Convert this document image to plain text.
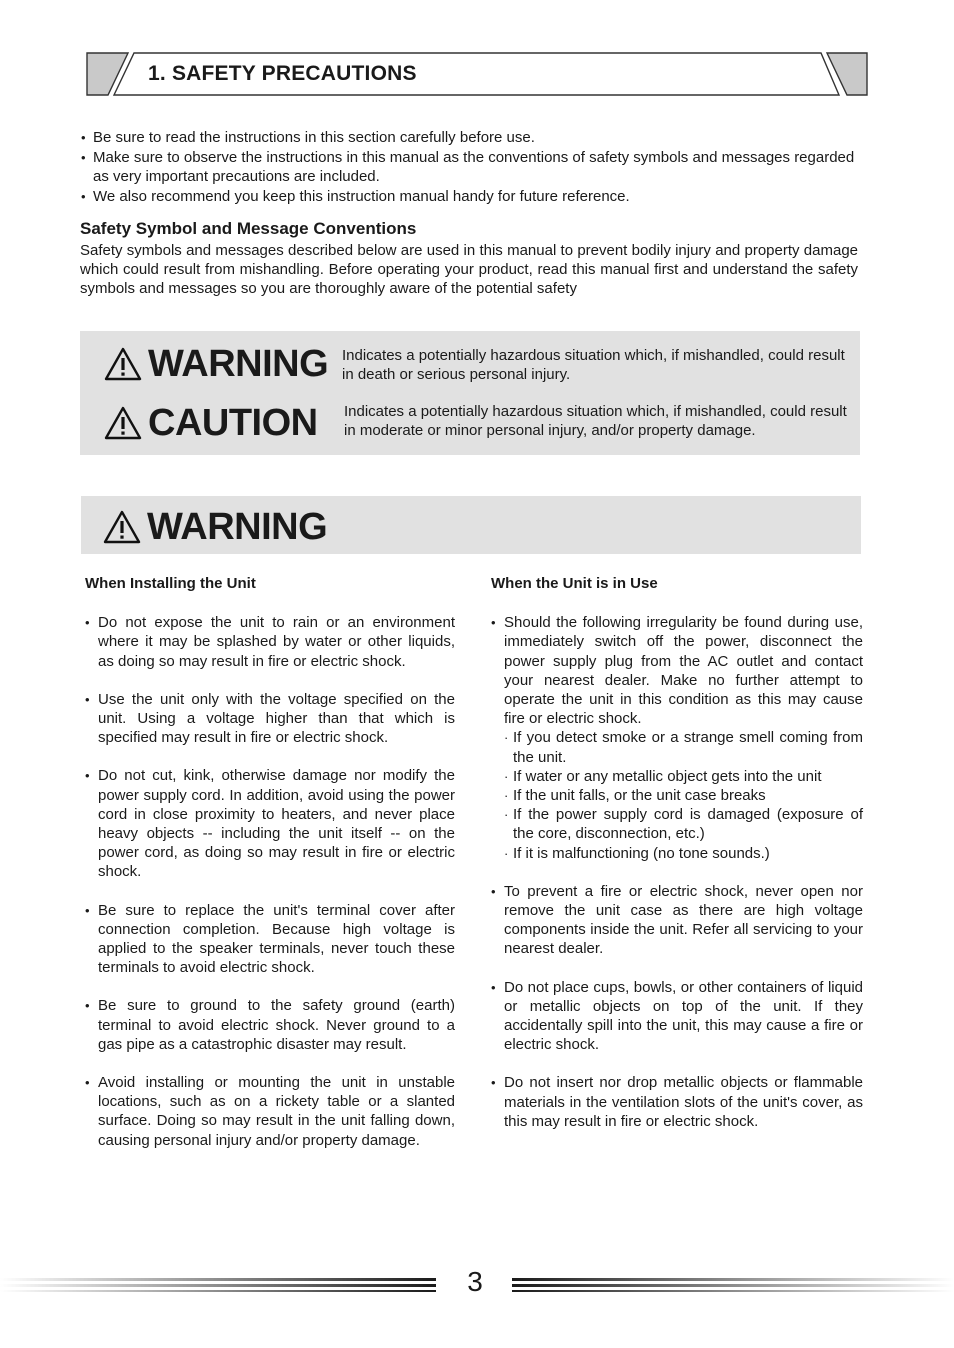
1. SAFETY PRECAUTIONS
• Be sure to read the instructions in this section carefully before use.
• Make sure to observe the instructions in this manual as the conventions of safety symbols and messages regarded as very important precautions are included.
• We also recommend you keep this instruction manual handy for future reference.
Safety Symbol and Message Conventions
Safety symbols and messages described below are used in this manual to prevent bodily injury and property damage which could result from mishandling. Before operating your product, read this manual first and understand the safety symbols and messages so you are thoroughly aware of the potential safety
WARNING Indicates a potentially hazardous situation which, if mishandled, could result in death or serious personal injury.
CAUTION Indicates a potentially hazardous situation which, if mishandled, could result in moderate or minor personal injury, and/or property damage.
WARNING
When Installing the Unit
• Do not expose the unit to rain or an environment where it may be splashed by water or other liquids, as doing so may result in fire or electric shock.
• Use the unit only with the voltage specified on the unit. Using a voltage higher than that which is specified may result in fire or electric shock.
• Do not cut, kink, otherwise damage nor modify the power supply cord. In addition, avoid using the power cord in close proximity to heaters, and never place heavy objects -- including the unit itself -- on the power cord, as doing so may result in fire or electric shock.
• Be sure to replace the unit's terminal cover after connection completion. Because high voltage is applied to the speaker terminals, never touch these terminals to avoid electric shock.
• Be sure to ground to the safety ground (earth) terminal to avoid electric shock. Never ground to a gas pipe as a catastrophic disaster may result.
• Avoid installing or mounting the unit in unstable locations, such as on a rickety table or a slanted surface. Doing so may result in the unit falling down, causing personal injury and/or property damage.
When the Unit is in Use
• Should the following irregularity be found during use, immediately switch off the power, disconnect the power supply plug from the AC outlet and contact your nearest dealer. Make no further attempt to operate the unit in this condition as this may cause fire or electric shock.
· If you detect smoke or a strange smell coming from the unit.
· If water or any metallic object gets into the unit
· If the unit falls, or the unit case breaks
· If the power supply cord is damaged (exposure of the core, disconnection, etc.)
· If it is malfunctioning (no tone sounds.)
• To prevent a fire or electric shock, never open nor remove the unit case as there are high voltage components inside the unit. Refer all servicing to your nearest dealer.
• Do not place cups, bowls, or other containers of liquid or metallic objects on top of the unit. If they accidentally spill into the unit, this may cause a fire or electric shock.
• Do not insert nor drop metallic objects or flammable materials in the ventilation slots of the unit's cover, as this may result in fire or electric shock.
3
